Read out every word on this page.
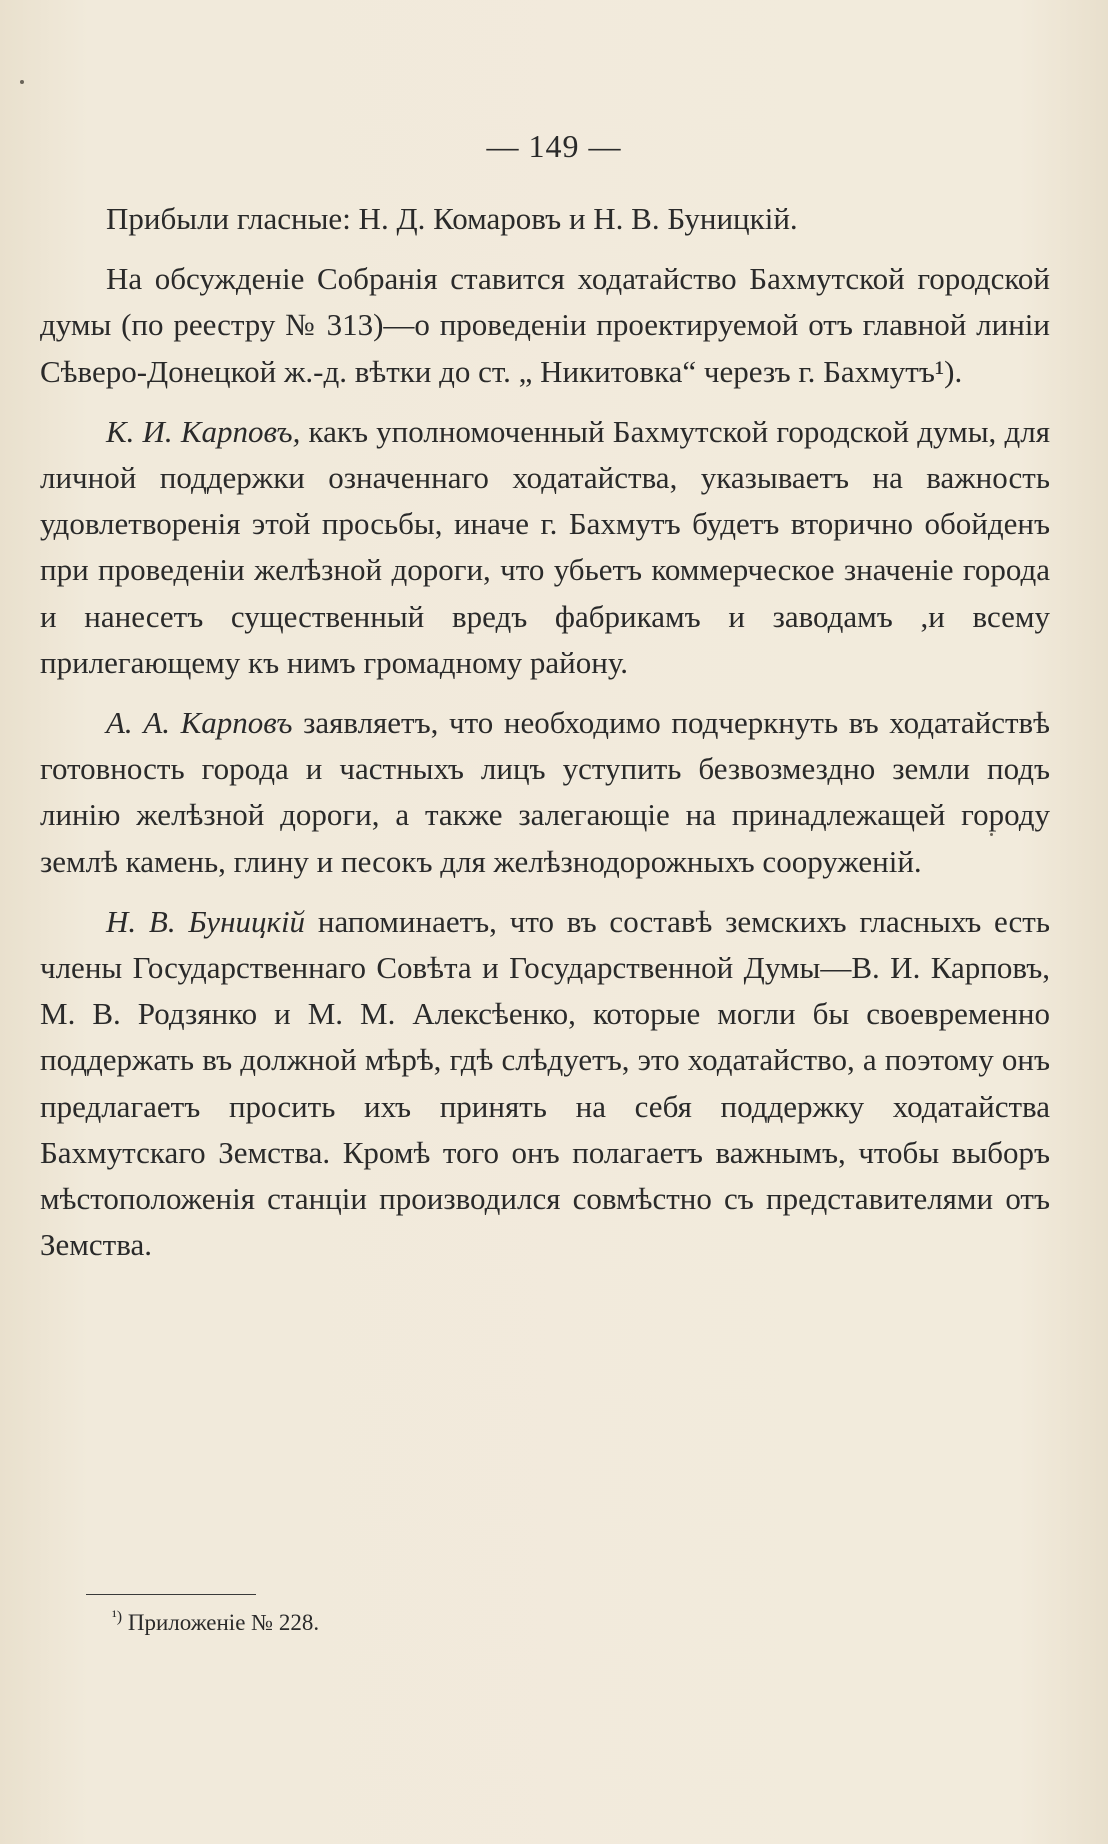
— 149 —

Прибыли гласные: Н. Д. Комаровъ и Н. В. Буницкій.

На обсужденіе Собранія ставится ходатайство Бахмутской городской думы (по реестру № 313)—о проведеніи проектируемой отъ главной линіи Сѣверо-Донецкой ж.-д. вѣтки до ст. „ Никитовка“ черезъ г. Бахмутъ¹).

К. И. Карповъ, какъ уполномоченный Бахмутской городской думы, для личной поддержки означеннаго ходатайства, указываетъ на важность удовлетворенія этой просьбы, иначе г. Бахмутъ будетъ вторично обойденъ при проведеніи желѣзной дороги, что убьетъ коммерческое значеніе города и нанесетъ существенный вредъ фабрикамъ и заводамъ ,и всему прилегающему къ нимъ громадному району.

А. А. Карповъ заявляетъ, что необходимо подчеркнуть въ ходатайствѣ готовность города и частныхъ лицъ уступить безвозмездно земли подъ линію желѣзной дороги, а также залегающіе на принадлежащей городу землѣ камень, глину и песокъ для желѣзнодорожныхъ сооруженій.

Н. В. Буницкій напоминаетъ, что въ составѣ земскихъ гласныхъ есть члены Государственнаго Совѣта и Государственной Думы—В. И. Карповъ, М. В. Родзянко и М. М. Алексѣенко, которые могли бы своевременно поддержать въ должной мѣрѣ, гдѣ слѣдуетъ, это ходатайство, а поэтому онъ предлагаетъ просить ихъ принять на себя поддержку ходатайства Бахмутскаго Земства. Кромѣ того онъ полагаетъ важнымъ, чтобы выборъ мѣстоположенія станціи производился совмѣстно съ представителями отъ Земства.

$^{^1)}$ Приложеніе № 228.
